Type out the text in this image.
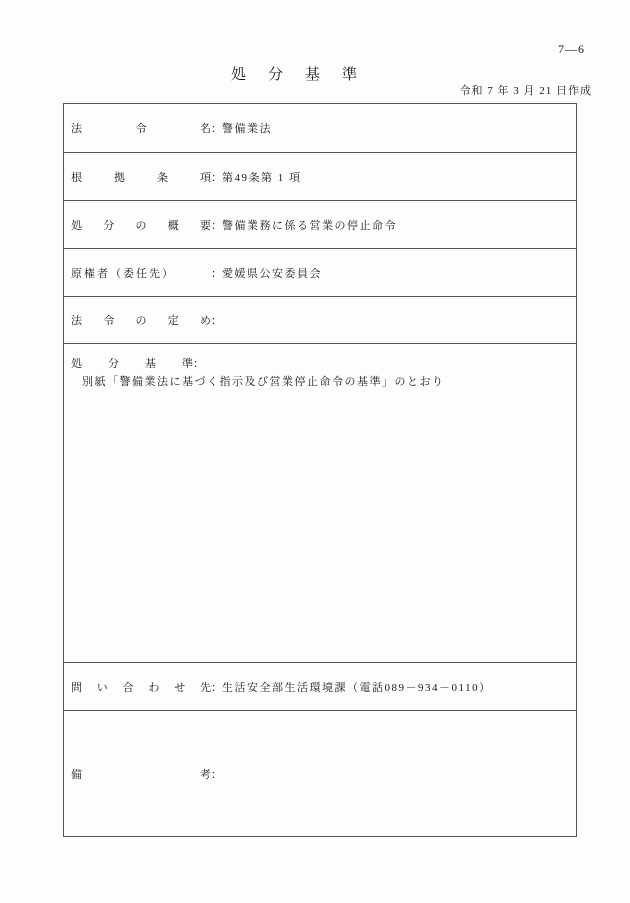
7—6
処分基準
令和 7 年 3 月 21 日作成
法	令	名 ： 警備業法
根	拠	条	項 ： 第49条第 1 項
処 分 の 概 要 ： 警備業務に係る営業の停止命令
原権者（委任先）	： 愛媛県公安委員会
法 令 の 定 め ：
処 分 基 準 ：
別紙「警備業法に基づく指示及び営業停止命令の基準」のとおり
問 い 合 わ せ 先 ： 生活安全部生活環境課（電話089－934－0110）
備	考 ：
